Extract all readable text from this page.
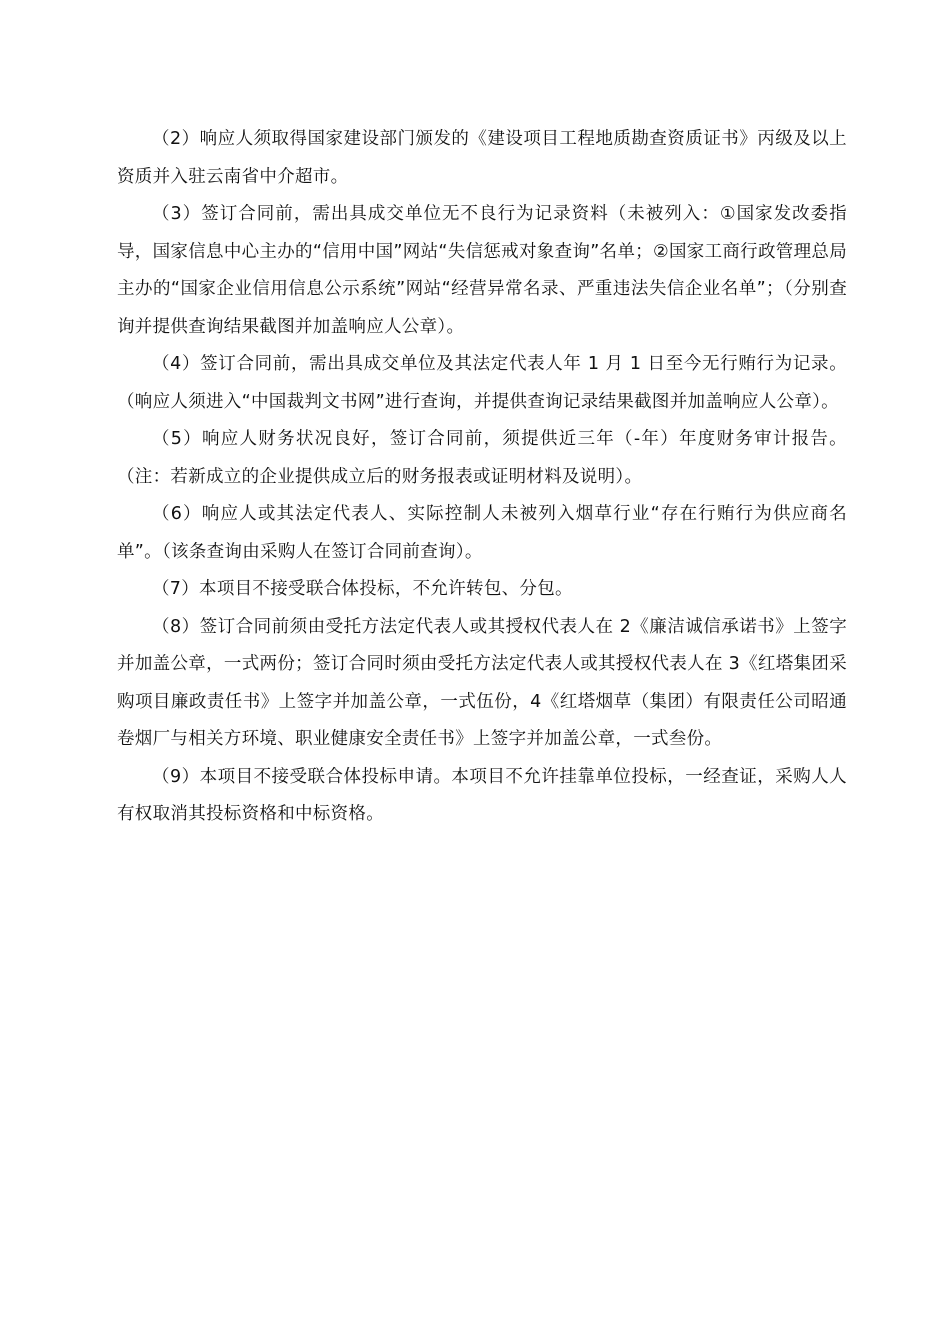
（2）响应人须取得国家建设部门颁发的《建设项目工程地质勘查资质证书》丙级及以上资质并入驻云南省中介超市。

（3）签订合同前，需出具成交单位无不良行为记录资料（未被列入：①国家发改委指导，国家信息中心主办的“信用中国”网站“失信惩戒对象查询”名单；②国家工商行政管理总局主办的“国家企业信用信息公示系统”网站“经营异常名录、严重违法失信企业名单”；（分别查询并提供查询结果截图并加盖响应人公章）。

（4）签订合同前，需出具成交单位及其法定代表人年 1 月 1 日至今无行贿行为记录。（响应人须进入“中国裁判文书网”进行查询，并提供查询记录结果截图并加盖响应人公章）。

（5）响应人财务状况良好，签订合同前，须提供近三年（-年）年度财务审计报告。（注：若新成立的企业提供成立后的财务报表或证明材料及说明）。

（6）响应人或其法定代表人、实际控制人未被列入烟草行业“存在行贿行为供应商名单”。（该条查询由采购人在签订合同前查询）。

（7）本项目不接受联合体投标，不允许转包、分包。

（8）签订合同前须由受托方法定代表人或其授权代表人在 2《廉洁诚信承诺书》上签字并加盖公章，一式两份；签订合同时须由受托方法定代表人或其授权代表人在 3《红塔集团采购项目廉政责任书》上签字并加盖公章，一式伍份，4《红塔烟草（集团）有限责任公司昭通卷烟厂与相关方环境、职业健康安全责任书》上签字并加盖公章，一式叁份。

（9）本项目不接受联合体投标申请。本项目不允许挂靠单位投标，一经查证，采购人人有权取消其投标资格和中标资格。
